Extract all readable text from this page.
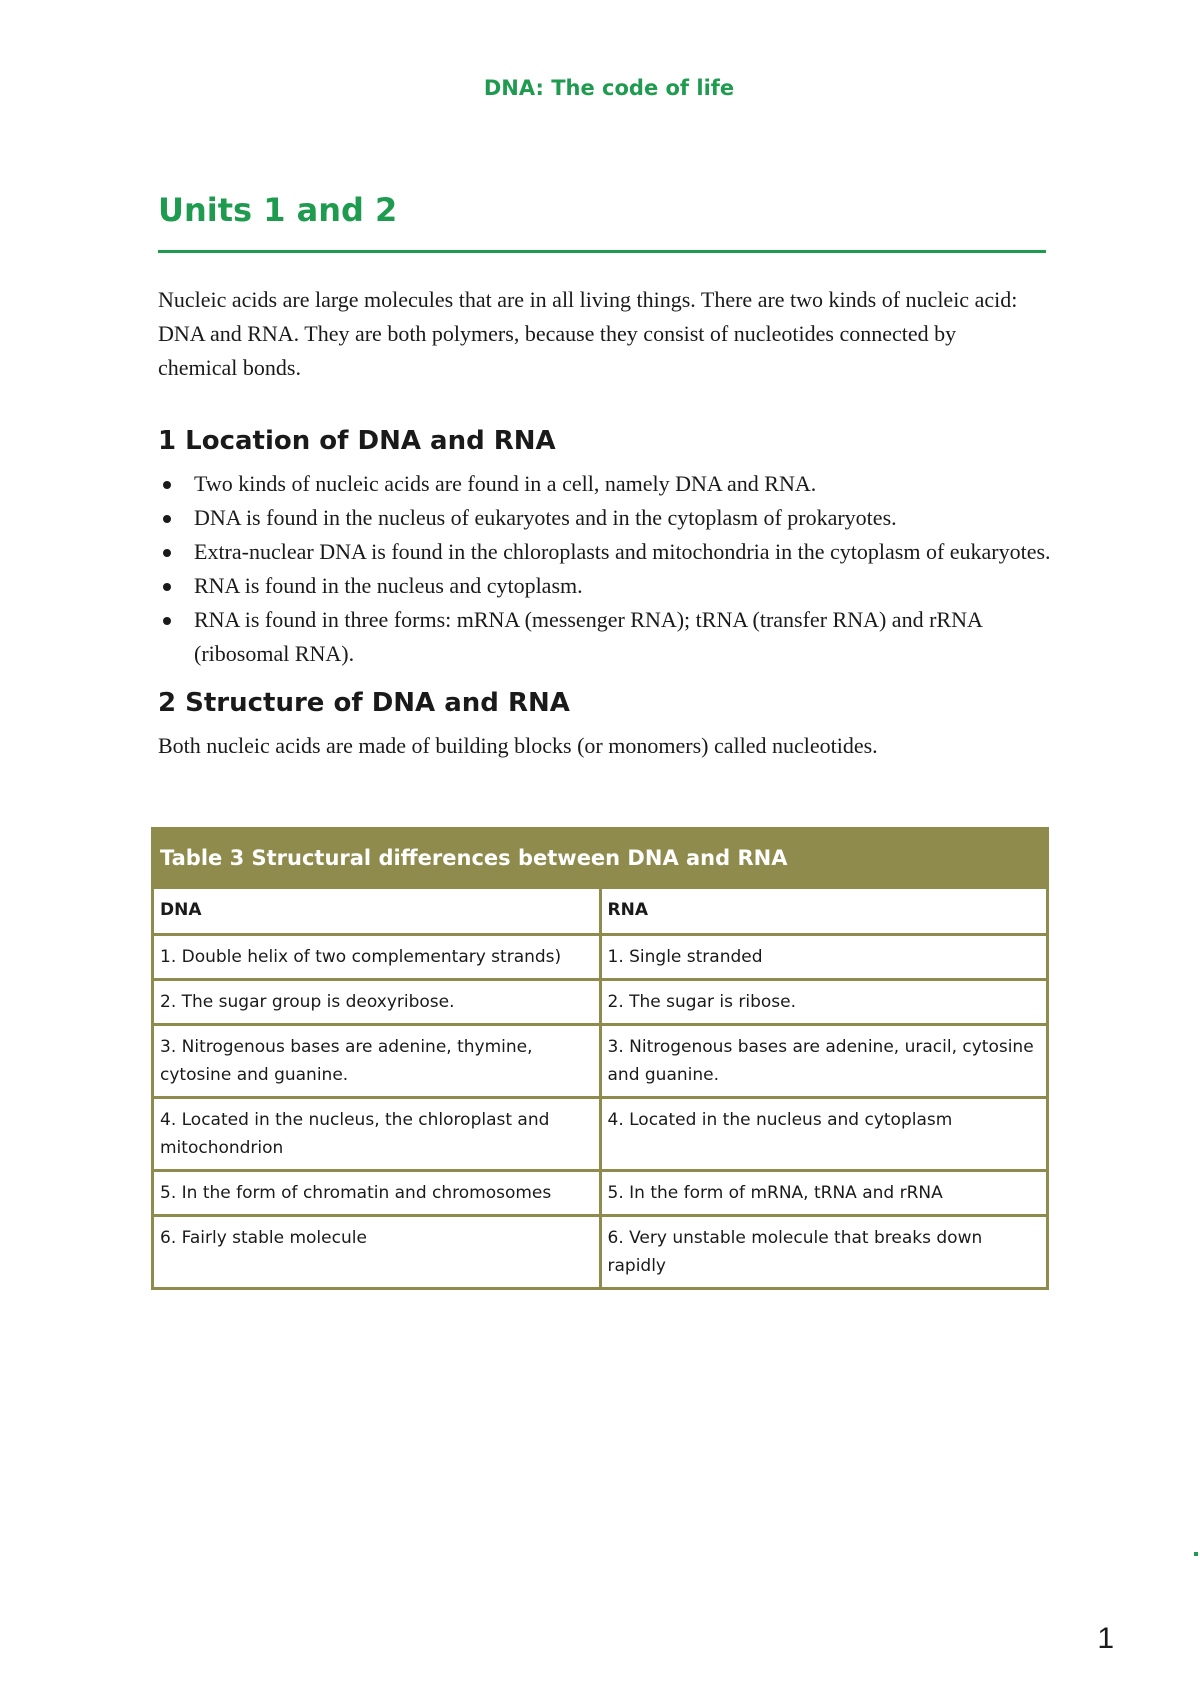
DNA: The code of life
Units 1 and 2

Nucleic acids are large molecules that are in all living things. There are two kinds of nucleic acid: DNA and RNA. They are both polymers, because they consist of nucleotides connected by chemical bonds.

1 Location of DNA and RNA
Two kinds of nucleic acids are found in a cell, namely DNA and RNA.
DNA is found in the nucleus of eukaryotes and in the cytoplasm of prokaryotes.
Extra-nuclear DNA is found in the chloroplasts and mitochondria in the cytoplasm of eukaryotes.
RNA is found in the nucleus and cytoplasm.
RNA is found in three forms: mRNA (messenger RNA); tRNA (transfer RNA) and rRNA (ribosomal RNA).
2 Structure of DNA and RNA

Both nucleic acids are made of building blocks (or monomers) called nucleotides.

Table 3 Structural differences between DNA and RNA
DNA	RNA
1. Double helix of two complementary strands)	1. Single stranded
2. The sugar group is deoxyribose.	2. The sugar is ribose.
3. Nitrogenous bases are adenine, thymine, cytosine and guanine.	3. Nitrogenous bases are adenine, uracil, cytosine and guanine.
4. Located in the nucleus, the chloroplast and mitochondrion	4. Located in the nucleus and cytoplasm
5. In the form of chromatin and chromosomes	5. In the form of mRNA, tRNA and rRNA
6. Fairly stable molecule	6. Very unstable molecule that breaks down rapidly
1
